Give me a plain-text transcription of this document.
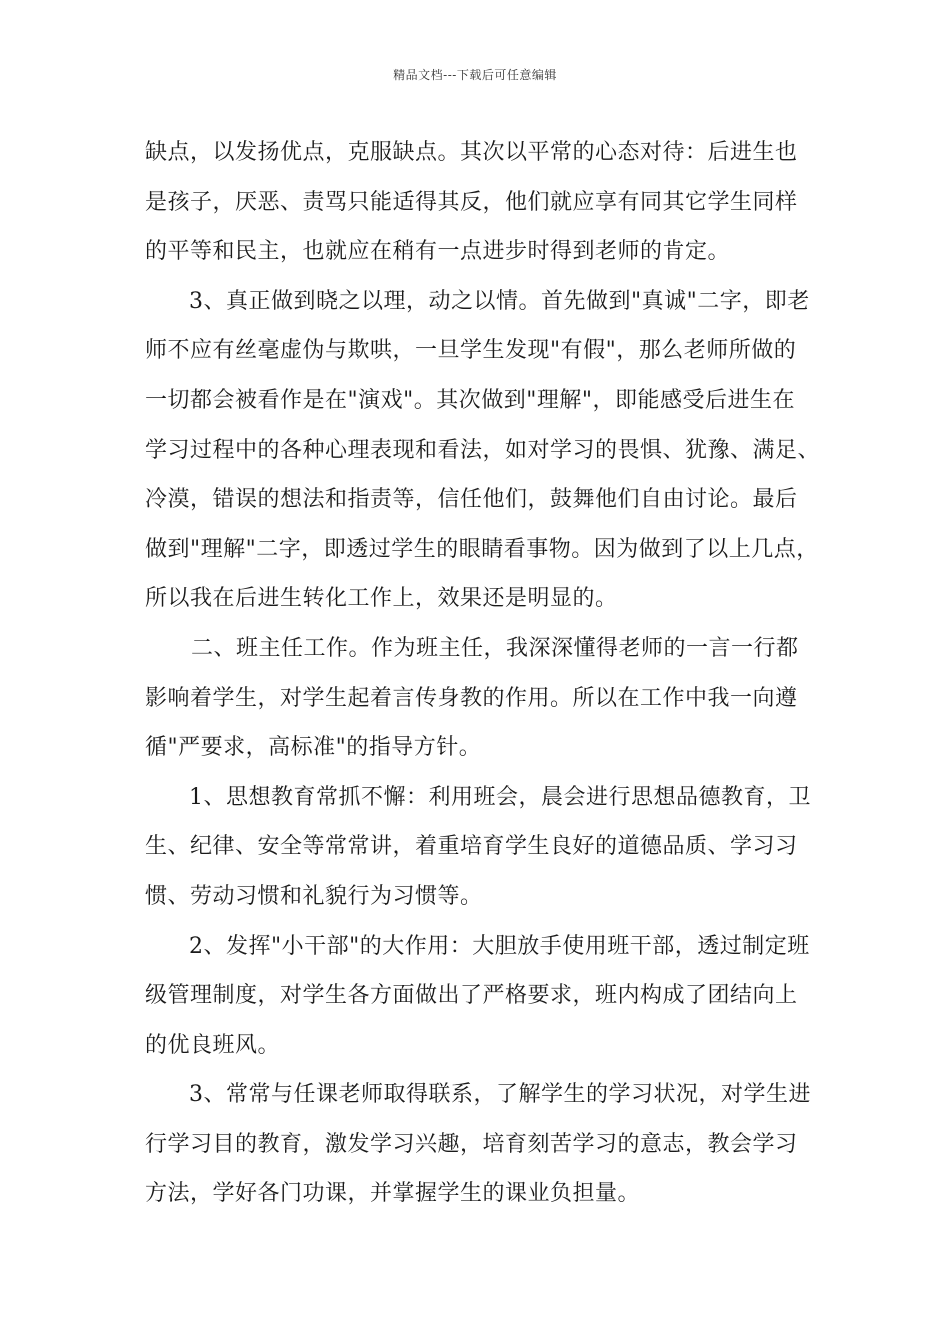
精品文档---下载后可任意编辑
缺点，以发扬优点，克服缺点。其次以平常的心态对待：后进生也
是孩子，厌恶、责骂只能适得其反，他们就应享有同其它学生同样
的平等和民主，也就应在稍有一点进步时得到老师的肯定。
3、真正做到晓之以理，动之以情。首先做到"真诚"二字，即老
师不应有丝毫虚伪与欺哄，一旦学生发现"有假"，那么老师所做的
一切都会被看作是在"演戏"。其次做到"理解"，即能感受后进生在
学习过程中的各种心理表现和看法，如对学习的畏惧、犹豫、满足、
冷漠，错误的想法和指责等，信任他们，鼓舞他们自由讨论。最后
做到"理解"二字，即透过学生的眼睛看事物。因为做到了以上几点，
所以我在后进生转化工作上，效果还是明显的。
二、班主任工作。作为班主任，我深深懂得老师的一言一行都
影响着学生，对学生起着言传身教的作用。所以在工作中我一向遵
循"严要求，高标准"的指导方针。
1、思想教育常抓不懈：利用班会，晨会进行思想品德教育，卫
生、纪律、安全等常常讲，着重培育学生良好的道德品质、学习习
惯、劳动习惯和礼貌行为习惯等。
2、发挥"小干部"的大作用：大胆放手使用班干部，透过制定班
级管理制度，对学生各方面做出了严格要求，班内构成了团结向上
的优良班风。
3、常常与任课老师取得联系，了解学生的学习状况，对学生进
行学习目的教育，激发学习兴趣，培育刻苦学习的意志，教会学习
方法，学好各门功课，并掌握学生的课业负担量。
